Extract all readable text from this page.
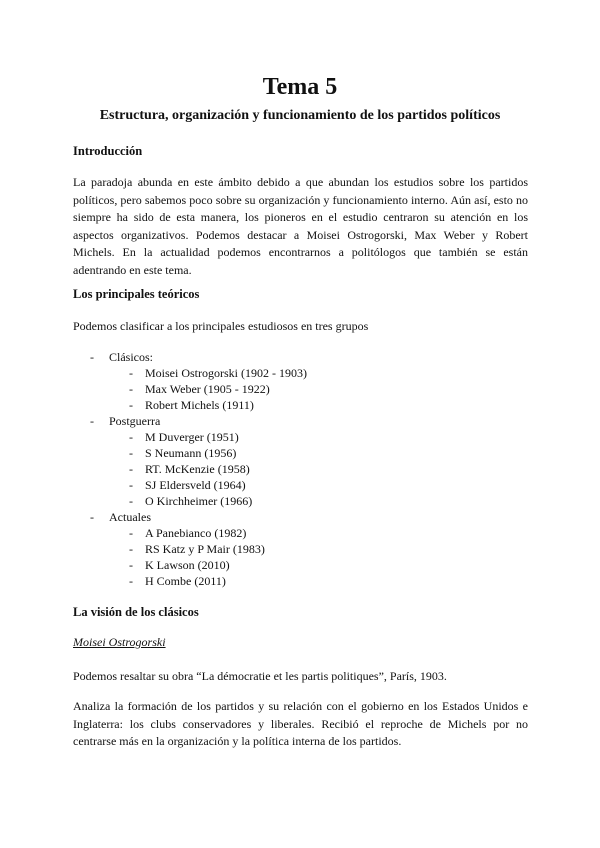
Tema 5
Estructura, organización y funcionamiento de los partidos políticos
Introducción

La paradoja abunda en este ámbito debido a que abundan los estudios sobre los partidos políticos, pero sabemos poco sobre su organización y funcionamiento interno. Aún así, esto no siempre ha sido de esta manera, los pioneros en el estudio centraron su atención en los aspectos organizativos. Podemos destacar a Moisei Ostrogorski, Max Weber y Robert Michels. En la actualidad podemos encontrarnos a politólogos que también se están adentrando en este tema.

Los principales teóricos
Podemos clasificar a los principales estudiosos en tres grupos
- Clásicos:
- Moisei Ostrogorski (1902 - 1903)
- Max Weber (1905 - 1922)
- Robert Michels (1911)
- Postguerra
- M Duverger (1951)
- S Neumann (1956)
- RT. McKenzie (1958)
- SJ Eldersveld (1964)
- O Kirchheimer (1966)
- Actuales
- A Panebianco (1982)
- RS Katz y P Mair (1983)
- K Lawson (2010)
- H Combe (2011)
La visión de los clásicos
Moisei Ostrogorski
Podemos resaltar su obra “La démocratie et les partis politiques”, París, 1903.

Analiza la formación de los partidos y su relación con el gobierno en los Estados Unidos e Inglaterra: los clubs conservadores y liberales. Recibió el reproche de Michels por no centrarse más en la organización y la política interna de los partidos.
